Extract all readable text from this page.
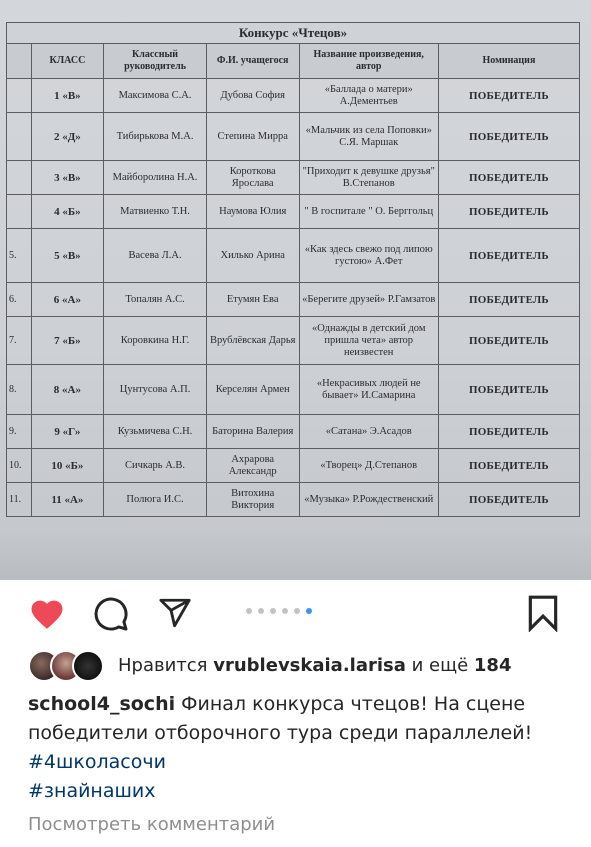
Конкурс «Чтецов»					
	КЛАСС	Классный руководитель	Ф.И. учащегося	Название произведения, автор	Номинация
	1 «В»	Максимова С.А.	Дубова София	«Баллада о матери» А.Дементьев	ПОБЕДИТЕЛЬ
	2 «Д»	Тибирькова М.А.	Степина Мирра	«Мальчик из села Поповки» С.Я. Маршак	ПОБЕДИТЕЛЬ
	3 «В»	Майборолина Н.А.	Короткова Ярослава	"Приходит к девушке друзья" В.Степанов	ПОБЕДИТЕЛЬ
	4 «Б»	Матвиенко Т.Н.	Наумова Юлия	" В госпитале " О. Берггольц	ПОБЕДИТЕЛЬ
5.	5 «В»	Васева Л.А.	Хилько Арина	«Как здесь свежо под липою густою» А.Фет	ПОБЕДИТЕЛЬ
6.	6 «А»	Топалян А.С.	Етумян Ева	«Берегите друзей» Р.Гамзатов	ПОБЕДИТЕЛЬ
7.	7 «Б»	Коровкина Н.Г.	Врублёвская Дарья	«Однажды в детский дом пришла чета» автор неизвестен	ПОБЕДИТЕЛЬ
8.	8 «А»	Цунтусова А.П.	Керселян Армен	«Некрасивых людей не бывает» И.Самарина	ПОБЕДИТЕЛЬ
9.	9 «Г»	Кузьмичева С.Н.	Баторина Валерия	«Сатана» Э.Асадов	ПОБЕДИТЕЛЬ
10.	10 «Б»	Сичкарь А.В.	Ахрарова Александр	«Творец» Д.Степанов	ПОБЕДИТЕЛЬ
11.	11 «А»	Полюга И.С.	Витохина Виктория	«Музыка» Р.Рождественский	ПОБЕДИТЕЛЬ
Нравится
vrublevskaia.larisa
и ещё
184
school4_sochi Финал конкурса чтецов! На сцене победители отборочного тура среди параллелей!
#4школасочи
#знайнаших
Посмотреть комментарий
